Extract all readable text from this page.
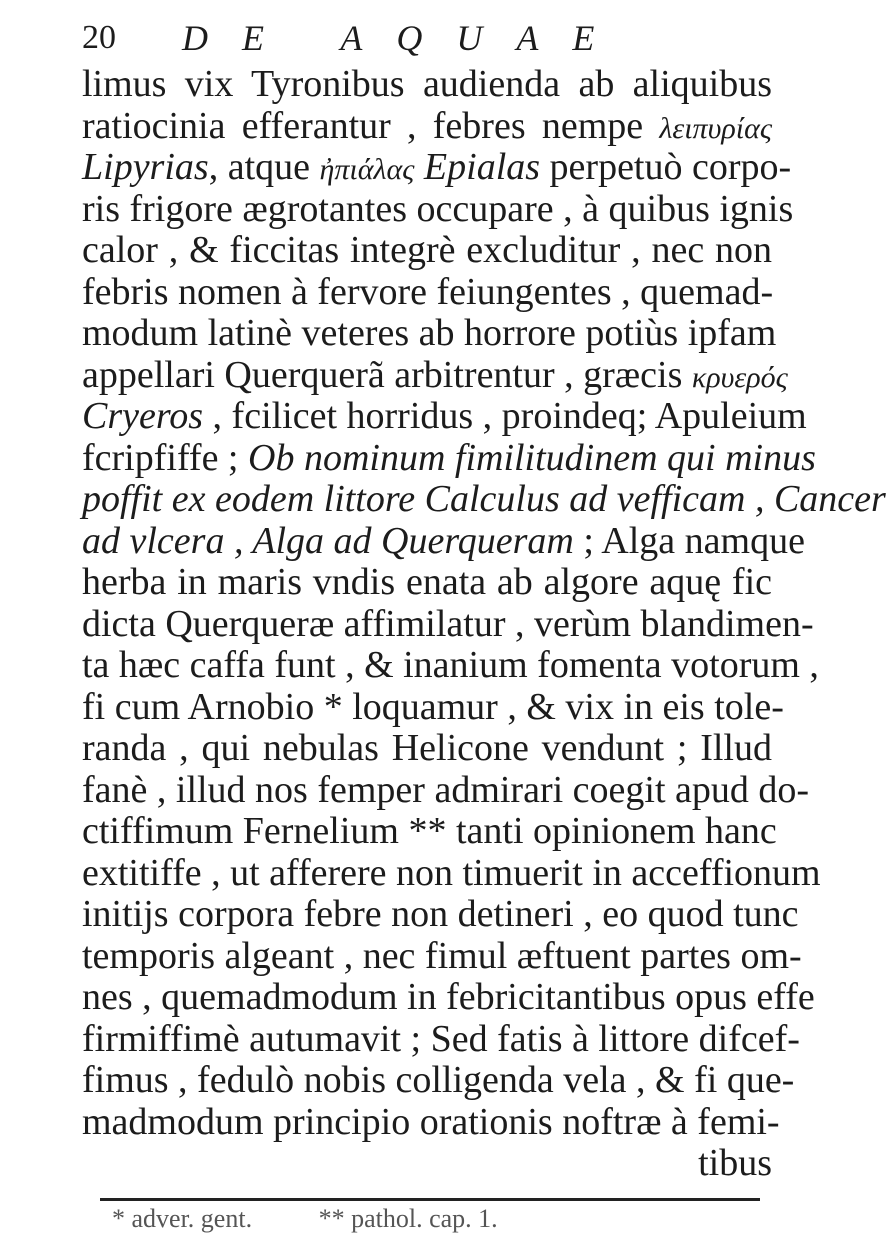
20 DE AQUAE
limus vix Tyronibus audienda ab aliquibus
ratiocinia efferantur , febres nempe λειπυρίας
Lipyrias, atque ἠπιάλας Epialas perpetuò corpo-
ris frigore ægrotantes occupare , à quibus ignis
calor , & ficcitas integrè excluditur , nec non
febris nomen à fervore feiungentes , quemad-
modum latinè veteres ab horrore potiùs ipfam
appellari Querquerã arbitrentur , græcis κρυερός
Cryeros , fcilicet horridus , proindeq; Apuleium
fcripfiffe ; Ob nominum fimilitudinem qui minus
poffit ex eodem littore Calculus ad vefficam , Cancer
ad vlcera , Alga ad Querqueram ; Alga namque
herba in maris vndis enata ab algore aquę fic
dicta Querqueræ affimilatur , verùm blandimen-
ta hæc caffa funt , & inanium fomenta votorum ,
fi cum Arnobio * loquamur , & vix in eis tole-
randa , qui nebulas Helicone vendunt ; Illud
fanè , illud nos femper admirari coegit apud do-
ctiffimum Fernelium ** tanti opinionem hanc
extitiffe , ut afferere non timuerit in acceffionum
initijs corpora febre non detineri , eo quod tunc
temporis algeant , nec fimul æftuent partes om-
nes , quemadmodum in febricitantibus opus effe
firmiffimè autumavit ; Sed fatis à littore difcef-
fimus , fedulò nobis colligenda vela , & fi que-
madmodum principio orationis noftræ à femi-
tibus
* adver. gent.	** pathol. cap. 1.
